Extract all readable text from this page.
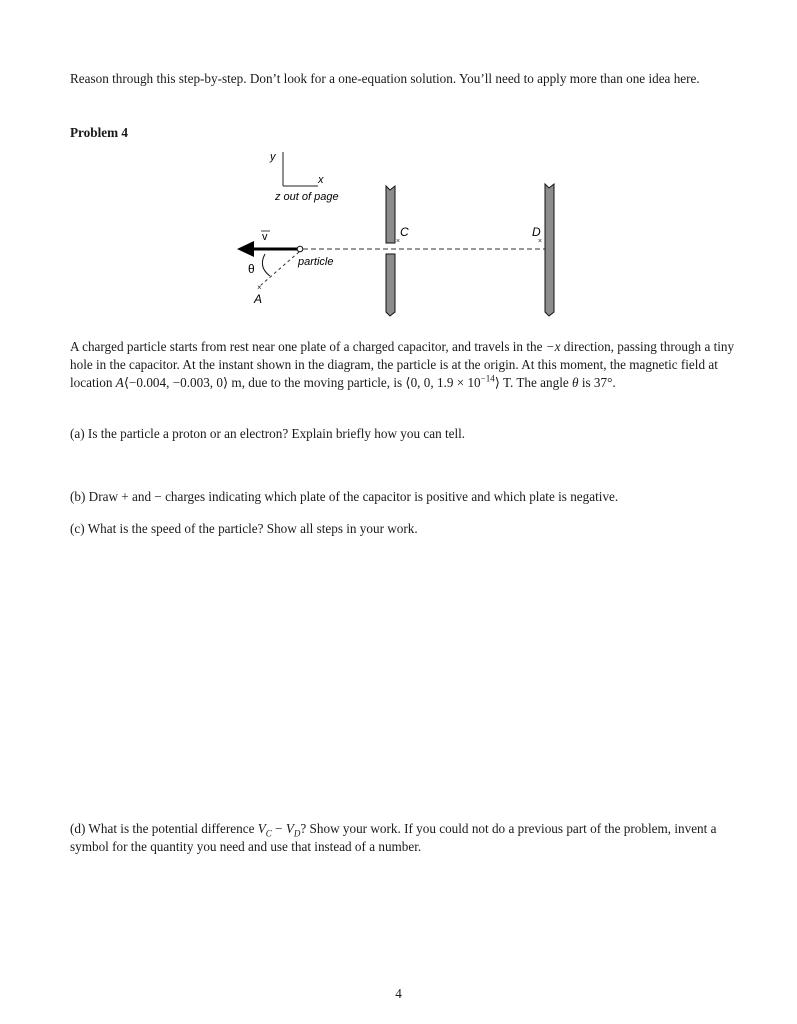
Reason through this step-by-step. Don’t look for a one-equation solution. You’ll need to apply more than one idea here.

Problem 4

y
x
z out of page
C
×
D
×
v
particle
θ
×
A

A charged particle starts from rest near one plate of a charged capacitor, and travels in the −x direction, passing through a tiny hole in the capacitor. At the instant shown in the diagram, the particle is at the origin. At this moment, the magnetic field at location A⟨−0.004, −0.003, 0⟩ m, due to the moving particle, is ⟨0, 0, $1.9 \times 10^{-14}⟩$ T. The angle θ is 37°.

(a) Is the particle a proton or an electron? Explain briefly how you can tell.

(b) Draw + and − charges indicating which plate of the capacitor is positive and which plate is negative.

(c) What is the speed of the particle? Show all steps in your work.

(d) What is the potential difference $V_C - V_D$? Show your work. If you could not do a previous part of the problem, invent a symbol for the quantity you need and use that instead of a number.

4
